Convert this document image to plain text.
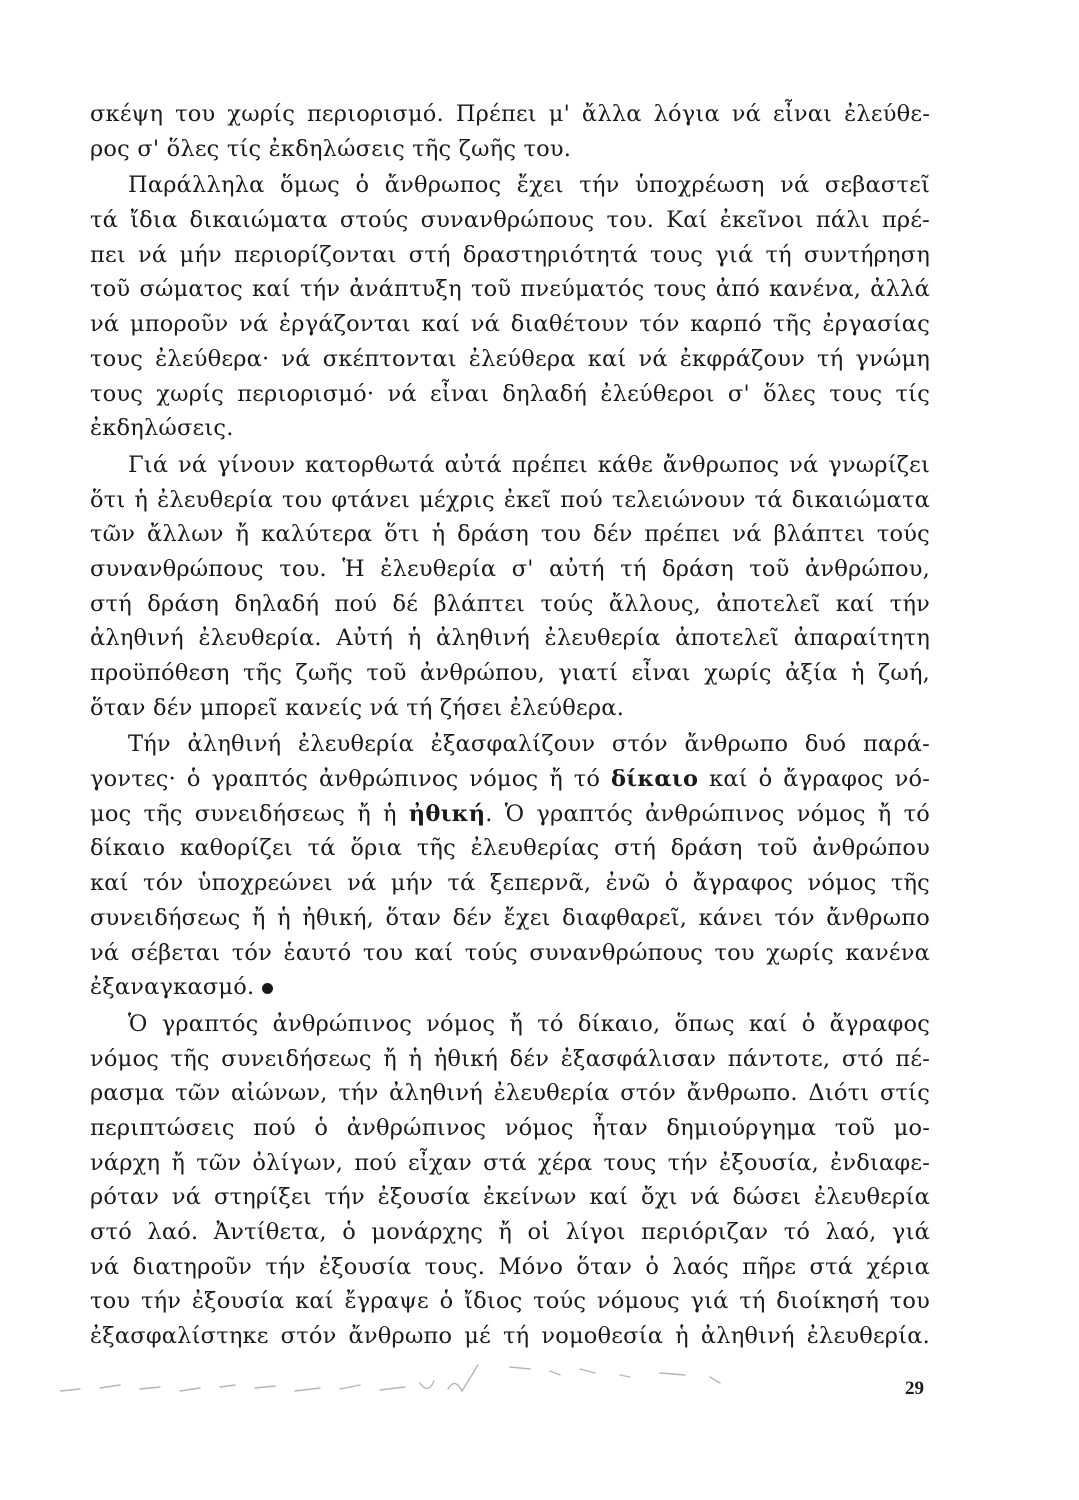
σκέψη του χωρίς περιορισμό. Πρέπει μ' ἄλλα λόγια νά εἶναι ἐλεύθε-
ρος σ' ὅλες τίς ἐκδηλώσεις τῆς ζωῆς του.
Παράλληλα ὅμως ὁ ἄνθρωπος ἔχει τήν ὑποχρέωση νά σεβαστεῖ
τά ἴδια δικαιώματα στούς συνανθρώπους του. Καί ἐκεῖνοι πάλι πρέ-
πει νά μήν περιορίζονται στή δραστηριότητά τους γιά τή συντήρηση
τοῦ σώματος καί τήν ἀνάπτυξη τοῦ πνεύματός τους ἀπό κανένα, ἀλλά
νά μποροῦν νά ἐργάζονται καί νά διαθέτουν τόν καρπό τῆς ἐργασίας
τους ἐλεύθερα· νά σκέπτονται ἐλεύθερα καί νά ἐκφράζουν τή γνώμη
τους χωρίς περιορισμό· νά εἶναι δηλαδή ἐλεύθεροι σ' ὅλες τους τίς
ἐκδηλώσεις.
Γιά νά γίνουν κατορθωτά αὐτά πρέπει κάθε ἄνθρωπος νά γνωρίζει
ὅτι ἡ ἐλευθερία του φτάνει μέχρις ἐκεῖ πού τελειώνουν τά δικαιώματα
τῶν ἄλλων ἤ καλύτερα ὅτι ἡ δράση του δέν πρέπει νά βλάπτει τούς
συνανθρώπους του. Ἡ ἐλευθερία σ' αὐτή τή δράση τοῦ ἀνθρώπου,
στή δράση δηλαδή πού δέ βλάπτει τούς ἄλλους, ἀποτελεῖ καί τήν
ἀληθινή ἐλευθερία. Αὐτή ἡ ἀληθινή ἐλευθερία ἀποτελεῖ ἀπαραίτητη
προϋπόθεση τῆς ζωῆς τοῦ ἀνθρώπου, γιατί εἶναι χωρίς ἀξία ἡ ζωή,
ὅταν δέν μπορεῖ κανείς νά τή ζήσει ἐλεύθερα.
Τήν ἀληθινή ἐλευθερία ἐξασφαλίζουν στόν ἄνθρωπο δυό παρά-
γοντες· ὁ γραπτός ἀνθρώπινος νόμος ἤ τό δίκαιο καί ὁ ἄγραφος νό-
μος τῆς συνειδήσεως ἤ ἡ ἠθική. Ὁ γραπτός ἀνθρώπινος νόμος ἤ τό
δίκαιο καθορίζει τά ὅρια τῆς ἐλευθερίας στή δράση τοῦ ἀνθρώπου
καί τόν ὑποχρεώνει νά μήν τά ξεπερνᾶ, ἐνῶ ὁ ἄγραφος νόμος τῆς
συνειδήσεως ἤ ἡ ἠθική, ὅταν δέν ἔχει διαφθαρεῖ, κάνει τόν ἄνθρωπο
νά σέβεται τόν ἑαυτό του καί τούς συνανθρώπους του χωρίς κανένα
ἐξαναγκασμό.
Ὁ γραπτός ἀνθρώπινος νόμος ἤ τό δίκαιο, ὅπως καί ὁ ἄγραφος
νόμος τῆς συνειδήσεως ἤ ἡ ἠθική δέν ἐξασφάλισαν πάντοτε, στό πέ-
ρασμα τῶν αἰώνων, τήν ἀληθινή ἐλευθερία στόν ἄνθρωπο. Διότι στίς
περιπτώσεις πού ὁ ἀνθρώπινος νόμος ἦταν δημιούργημα τοῦ μο-
νάρχη ἤ τῶν ὀλίγων, πού εἶχαν στά χέρα τους τήν ἐξουσία, ἐνδιαφε-
ρόταν νά στηρίξει τήν ἐξουσία ἐκείνων καί ὄχι νά δώσει ἐλευθερία
στό λαό. Ἀντίθετα, ὁ μονάρχης ἤ οἱ λίγοι περιόριζαν τό λαό, γιά
νά διατηροῦν τήν ἐξουσία τους. Μόνο ὅταν ὁ λαός πῆρε στά χέρια
του τήν ἐξουσία καί ἔγραψε ὁ ἴδιος τούς νόμους γιά τή διοίκησή του
ἐξασφαλίστηκε στόν ἄνθρωπο μέ τή νομοθεσία ἡ ἀληθινή ἐλευθερία.
29
